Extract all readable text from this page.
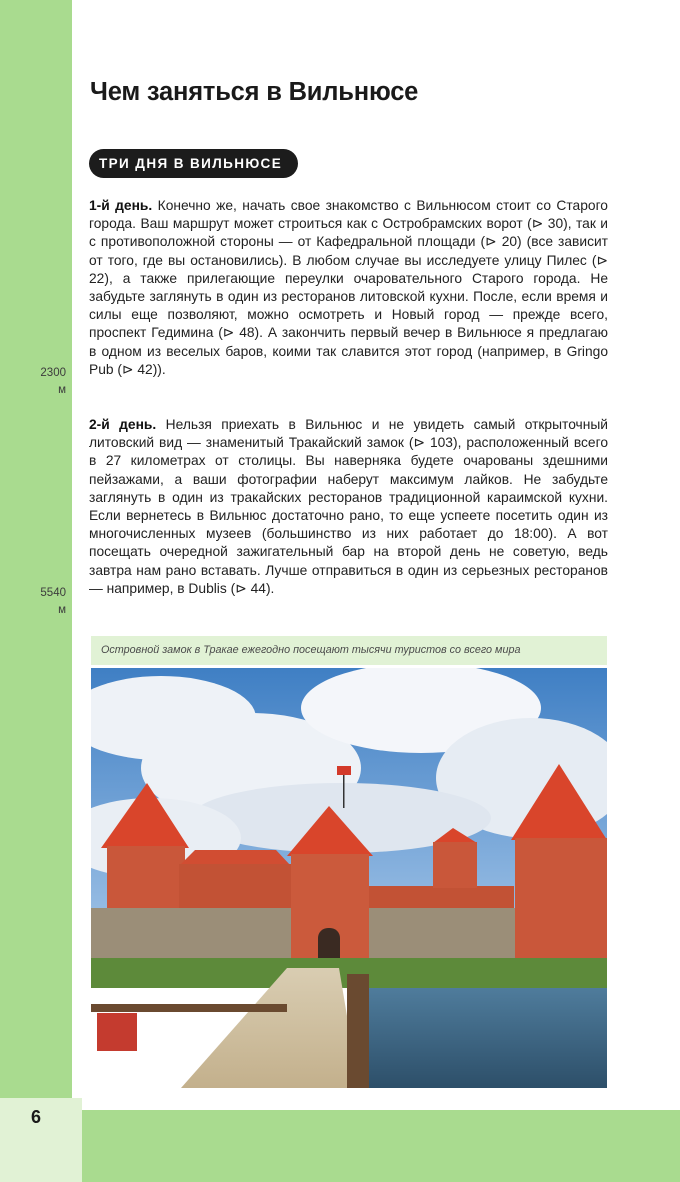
6
Чем заняться в Вильнюсе
ТРИ ДНЯ В ВИЛЬНЮСЕ

1-й день. Конечно же, начать свое знакомство с Вильнюсом стоит со Старого города. Ваш маршрут может строиться как с Остробрамских ворот (⊳ 30), так и с противоположной стороны — от Кафедральной площади (⊳ 20) (все зависит от того, где вы остановились). В любом случае вы исследуете улицу Пилес (⊳ 22), а также прилегающие переулки очаровательного Старого города. Не забудьте заглянуть в один из ресторанов литовской кухни. После, если время и силы еще позволяют, можно осмотреть и Новый город — прежде всего, проспект Гедимина (⊳ 48). А закончить первый вечер в Вильнюсе я предлагаю в одном из веселых баров, коими так славится этот город (например, в Gringo Pub (⊳ 42)).

2-й день. Нельзя приехать в Вильнюс и не увидеть самый открыточный литовский вид — знаменитый Тракайский замок (⊳ 103), расположенный всего в 27 километрах от столицы. Вы наверняка будете очарованы здешними пейзажами, а ваши фотографии наберут максимум лайков. Не забудьте заглянуть в один из тракайских ресторанов традиционной караимской кухни. Если вернетесь в Вильнюс достаточно рано, то еще успеете посетить один из многочисленных музеев (большинство из них работает до 18:00). А вот посещать очередной зажигательный бар на второй день не советую, ведь завтра нам рано вставать. Лучше отправиться в один из серьезных ресторанов — например, в Dublis (⊳ 44).

2300
м
5540
м
Островной замок в Тракае ежегодно посещают тысячи туристов со всего мира
